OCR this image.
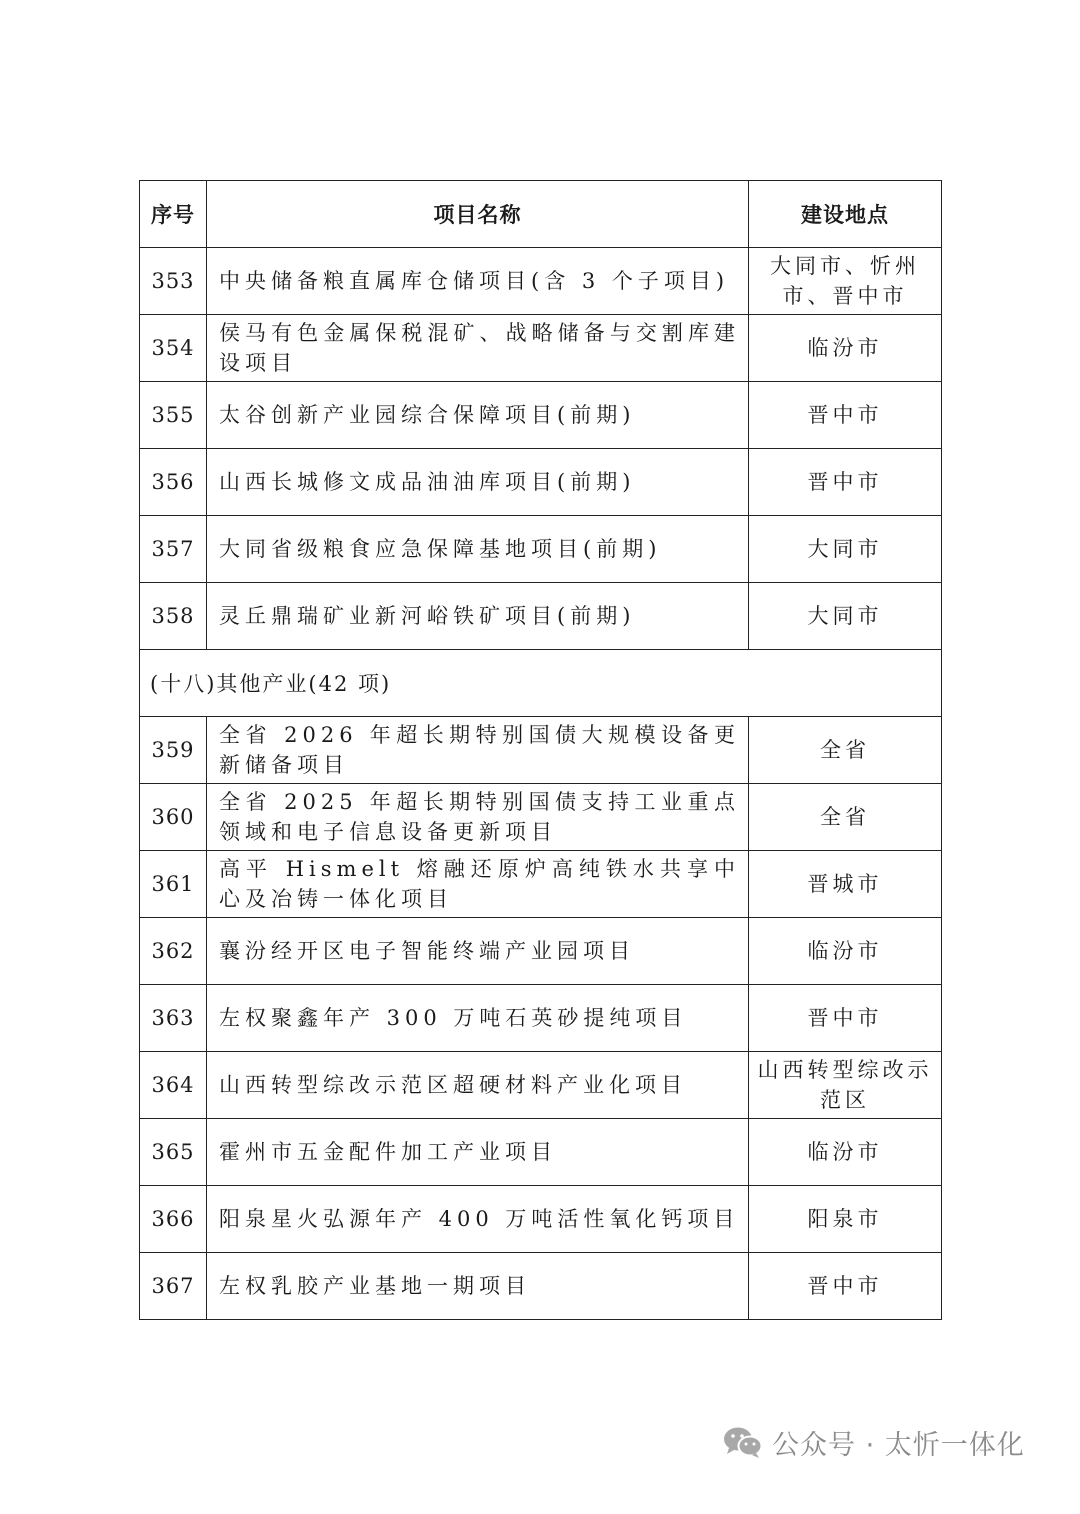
序号	项目名称	建设地点
353	中央储备粮直属库仓储项目(含 3 个子项目)	大同市、忻州市、晋中市
354	侯马有色金属保税混矿、战略储备与交割库建设项目	临汾市
355	太谷创新产业园综合保障项目(前期)	晋中市
356	山西长城修文成品油油库项目(前期)	晋中市
357	大同省级粮食应急保障基地项目(前期)	大同市
358	灵丘鼎瑞矿业新河峪铁矿项目(前期)	大同市
(十八)其他产业(42 项)		
359	全省 2026 年超长期特别国债大规模设备更新储备项目	全省
360	全省 2025 年超长期特别国债支持工业重点领域和电子信息设备更新项目	全省
361	高平 Hismelt 熔融还原炉高纯铁水共享中心及冶铸一体化项目	晋城市
362	襄汾经开区电子智能终端产业园项目	临汾市
363	左权聚鑫年产 300 万吨石英砂提纯项目	晋中市
364	山西转型综改示范区超硬材料产业化项目	山西转型综改示范区
365	霍州市五金配件加工产业项目	临汾市
366	阳泉星火弘源年产 400 万吨活性氧化钙项目	阳泉市
367	左权乳胶产业基地一期项目	晋中市
公众号 · 太忻一体化
